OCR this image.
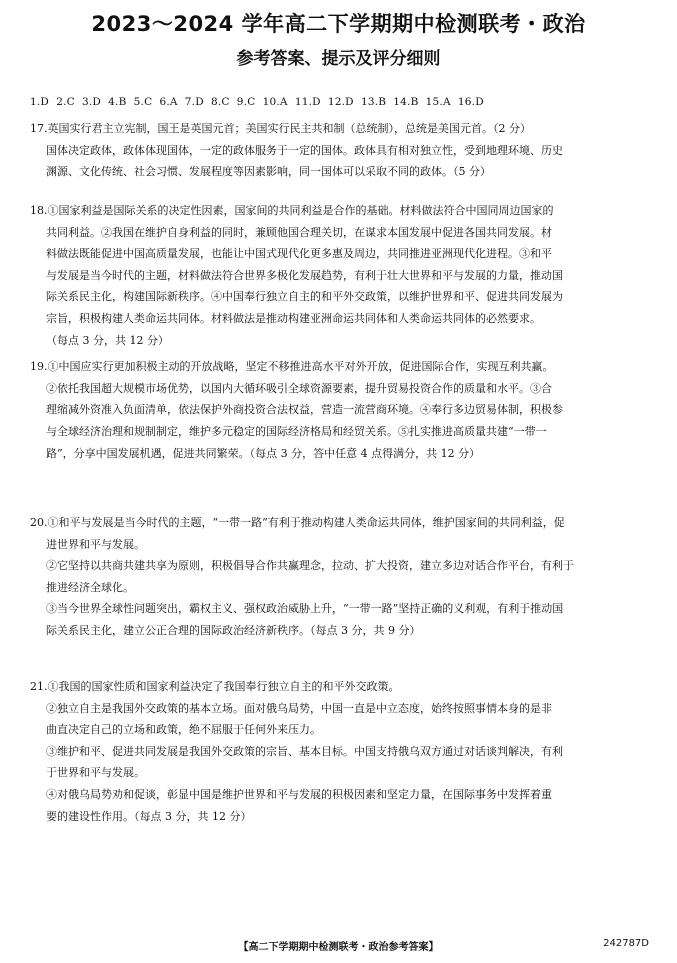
2023～2024 学年高二下学期期中检测联考・政治
参考答案、提示及评分细则
1.D 2.C 3.D 4.B 5.C 6.A 7.D 8.C 9.C 10.A 11.D 12.D 13.B 14.B 15.A 16.D
17.英国实行君主立宪制，国王是英国元首；美国实行民主共和制（总统制），总统是美国元首。（2 分）
国体决定政体，政体体现国体，一定的政体服务于一定的国体。政体具有相对独立性，受到地理环境、历史
渊源、文化传统、社会习惯、发展程度等因素影响，同一国体可以采取不同的政体。（5 分）
18.①国家利益是国际关系的决定性因素，国家间的共同利益是合作的基础。材料做法符合中国同周边国家的
共同利益。②我国在维护自身利益的同时，兼顾他国合理关切，在谋求本国发展中促进各国共同发展。材
料做法既能促进中国高质量发展，也能让中国式现代化更多惠及周边，共同推进亚洲现代化进程。③和平
与发展是当今时代的主题，材料做法符合世界多极化发展趋势，有利于壮大世界和平与发展的力量，推动国
际关系民主化，构建国际新秩序。④中国奉行独立自主的和平外交政策，以维护世界和平、促进共同发展为
宗旨，积极构建人类命运共同体。材料做法是推动构建亚洲命运共同体和人类命运共同体的必然要求。
（每点 3 分，共 12 分）
19.①中国应实行更加积极主动的开放战略，坚定不移推进高水平对外开放，促进国际合作，实现互利共赢。
②依托我国超大规模市场优势，以国内大循环吸引全球资源要素，提升贸易投资合作的质量和水平。③合
理缩减外资准入负面清单，依法保护外商投资合法权益，营造一流营商环境。④奉行多边贸易体制，积极参
与全球经济治理和规制制定，维护多元稳定的国际经济格局和经贸关系。⑤扎实推进高质量共建“一带一
路”，分享中国发展机遇，促进共同繁荣。（每点 3 分，答中任意 4 点得满分，共 12 分）
20.①和平与发展是当今时代的主题，“一带一路”有利于推动构建人类命运共同体，维护国家间的共同利益，促
进世界和平与发展。
②它坚持以共商共建共享为原则，积极倡导合作共赢理念，拉动、扩大投资，建立多边对话合作平台，有利于
推进经济全球化。
③当今世界全球性问题突出，霸权主义、强权政治威胁上升，“一带一路”坚持正确的义利观，有利于推动国
际关系民主化，建立公正合理的国际政治经济新秩序。（每点 3 分，共 9 分）
21.①我国的国家性质和国家利益决定了我国奉行独立自主的和平外交政策。
②独立自主是我国外交政策的基本立场。面对俄乌局势，中国一直是中立态度，始终按照事情本身的是非
曲直决定自己的立场和政策，绝不屈服于任何外来压力。
③维护和平、促进共同发展是我国外交政策的宗旨、基本目标。中国支持俄乌双方通过对话谈判解决，有利
于世界和平与发展。
④对俄乌局势劝和促谈，彰显中国是维护世界和平与发展的积极因素和坚定力量，在国际事务中发挥着重
要的建设性作用。（每点 3 分，共 12 分）
【高二下学期期中检测联考・政治参考答案】	242787D
